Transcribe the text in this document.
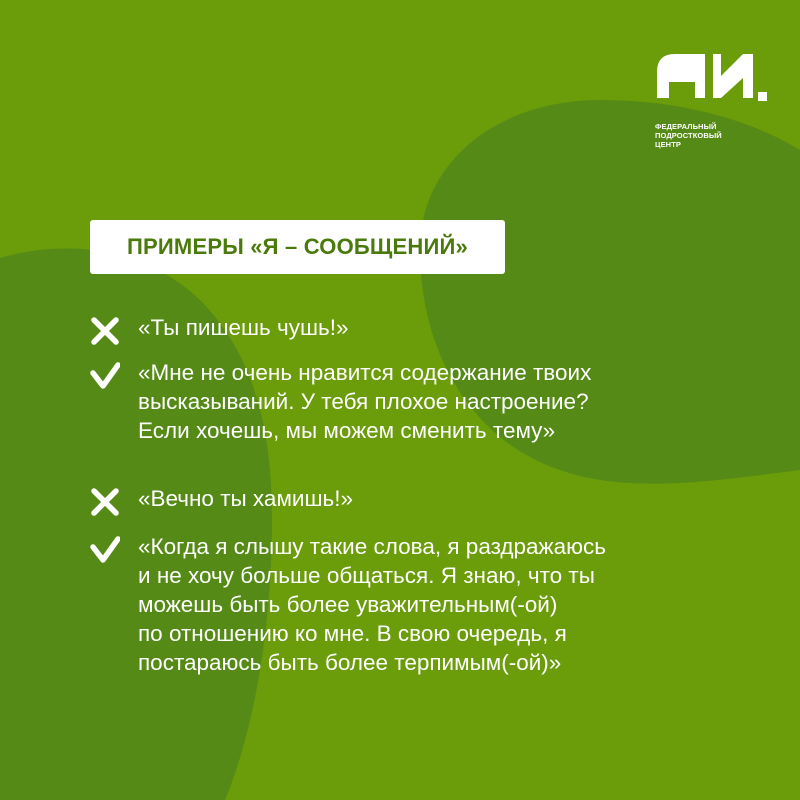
ФЕДЕРАЛЬНЫЙ
ПОДРОСТКОВЫЙ
ЦЕНТР
ПРИМЕРЫ «Я – СООБЩЕНИЙ»
«Ты пишешь чушь!»
«Мне не очень нравится содержание твоих
высказываний. У тебя плохое настроение?
Если хочешь, мы можем сменить тему»
«Вечно ты хамишь!»
«Когда я слышу такие слова, я раздражаюсь
и не хочу больше общаться. Я знаю, что ты
можешь быть более уважительным(-ой)
по отношению ко мне. В свою очередь, я
постараюсь быть более терпимым(-ой)»
